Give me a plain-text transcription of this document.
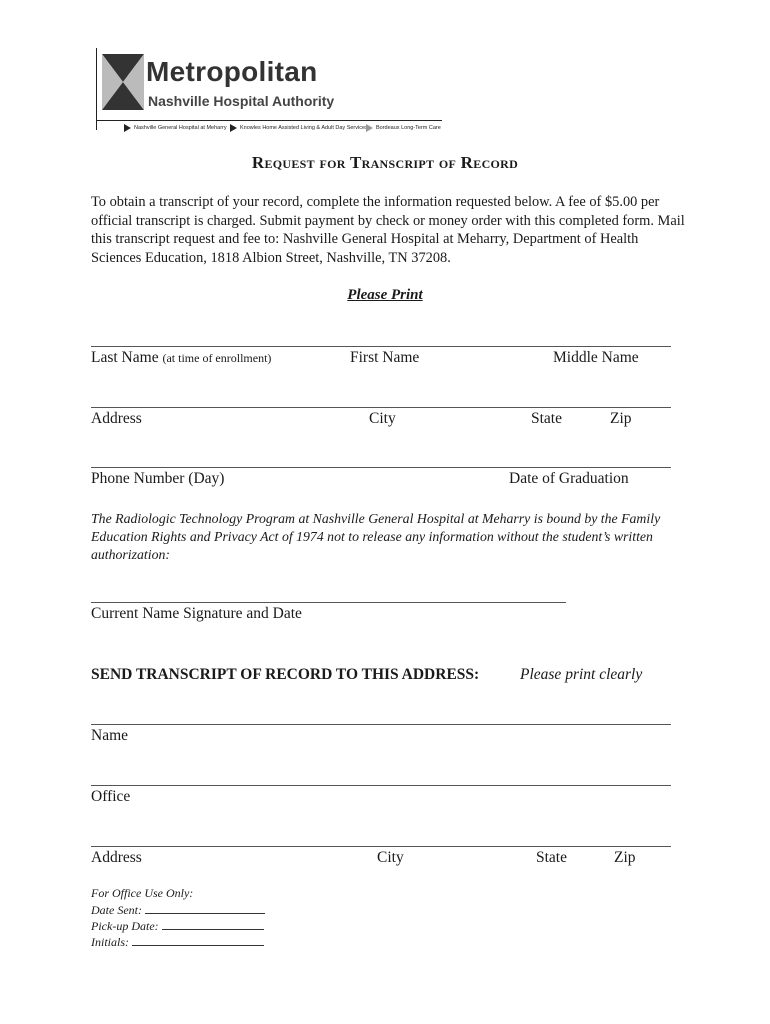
Metropolitan
Nashville Hospital Authority
Nashville General Hospital at Meharry Knowles Home Assisted Living & Adult Day Services Bordeaux Long-Term Care
Request for Transcript of Record
To obtain a transcript of your record, complete the information requested below. A fee of $5.00 per official transcript is charged. Submit payment by check or money order with this completed form. Mail this transcript request and fee to: Nashville General Hospital at Meharry, Department of Health Sciences Education, 1818 Albion Street, Nashville, TN 37208.
Please Print
Last Name (at time of enrollment)	First Name	Middle Name
Address	City	State	Zip
Phone Number (Day)	Date of Graduation
The Radiologic Technology Program at Nashville General Hospital at Meharry is bound by the Family Education Rights and Privacy Act of 1974 not to release any information without the student’s written authorization:
Current Name Signature and Date
SEND TRANSCRIPT OF RECORD TO THIS ADDRESS:	Please print clearly
Name
Office
Address	City	State	Zip
For Office Use Only:
Date Sent:
Pick-up Date:
Initials:
